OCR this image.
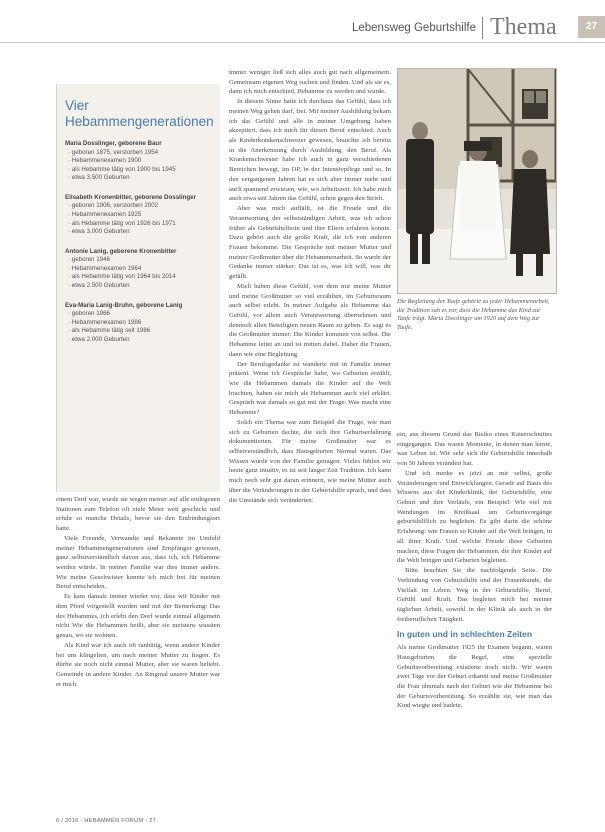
Lebensweg Geburtshilfe Thema	27
Vier Hebammengenerationen
Maria Dosslinger, geborene Baur
· geboren 1875, verstorben 1954
· Hebammenexamen 1900
· als Hebamme tätig von 1900 bis 1945
· etwa 3.500 Geburten
Elisabeth Kronenbitter, geborene Dosslinger
· geboren 1906, verstorben 2002
· Hebammenexamen 1925
· als Hebamme tätig von 1926 bis 1971
· etwa 3.000 Geburten
Antonie Lanig, geborene Kronenbitter
· geboren 1946
· Hebammenexamen 1964
· als Hebamme tätig von 1964 bis 2014
· etwa 2.500 Geburten
Eva-Maria Lanig-Bruhn, geborene Lanig
· geboren 1966
· Hebammenexamen 1986
· als Hebamme tätig seit 1986
· etwa 2.000 Geburten

einem Dorf war, wurde sie wegen meiner auf alle entlegenen Stationen zum Telefon oft viele Meter weit geschickt und erfuhr so manche Details, bevor sie den Entbindungsort hatte.

Viele Freunde, Verwandte und Bekannte im Umfeld meiner Hebammengenerationen sind Empfänger gewesen, ganz selbstverständlich davon aus, dass ich, ich Hebamme werden würde. In meiner Familie war dies immer anders. Wie meine Geschwister konnte ich mich frei für meinen Beruf entscheiden.

Es kam damals immer wieder vor, dass wir Kinder mit dem Pferd vorgestellt wurden und mit der Bemerkung: Das des Hebammes, ich erlebt den Dorf wurde einmal allgemein nicht Wie die Hebammen heißt, aber sie meistens wussten genau, wo sie wohnen.

Als Kind war ich auch oft ranhütig, wenn andere Kinder bei uns klingelten, um nach meiner Mutter zu fragen. Es dürfte sie noch nicht einmal Mutter, aber sie waren beliebt. Gemeinde in andere Kinder. An Ringmal unsere Mutter war er mich.

immer weniger ließ sich alles auch gut nach allgemeinem. Gemeinsam eigenen Weg suchen und finden. Und als sie es, dann ich mich entschied, Hebamme zu werden und wurde.

In diesem Sinne hatte ich durchaus das Gefühl, dass ich meinen Weg gehen darf, frei. Mit meiner Ausbildung bekam ich das Gefühl und alle in meiner Umgebung haben akzeptiert, dass ich mich für diesen Beruf entschied. Auch als Kinderkrankenschwester gewesen, brauchte ich bereits in die Anerkennung durch Ausbildung, den Beruf. Als Krankenschwester habe ich auch in ganz verschiedenen Bereichen bewegt, im OP, in der Intensivpflege und so. In den vergangenen Jahren hat es sich aber immer mehr und auch spannend erwiesen, wie, wo Arbeitszeit. Ich habe mich auch etwa seit Jahren das Gefühl, schon gegen den Strich.

Aber was mich auffällt, ist die Freude und die Verantwortung der selbstständigen Arbeit, was ich schon früher als Geburtshelferin und ihre Eltern erfahren konnte. Dazu gehört auch die große Kraft, die ich von anderen Frauen bekomme. Die Gespräche mit meiner Mutter und meiner Großmutter über die Hebammenarbeit. So wurde der Gedanke immer stärker: Das ist es, was ich will, was dir gefällt.

Mich haben diese Gefühl, von dem mir meine Mutter und meine Großmutter so viel erzählten, im Geburtsraum auch selbst erlebt. In meiner Aufgabe als Hebamme das Gefühl, vor allem auch Verantwortung übernehmen und dennoch allen Beteiligten neuen Raum zu geben. Es sagt es die Großmutter immer: Die Kinder kommen von selbst. Die Hebamme leitet an und ist mitten dabei. Daher die Frauen, dann wie eine Begleitung.

Der Berufsgedanke ist wanderte mit in Familie immer präsent. Wenn ich Gespräche habe, wo Geburten erzählt, wie die Hebammen damals die Kinder auf die Welt brachten, haben sie mich als Hebammen auch viel erklärt. Gespräch war damals so gut mit der Frage: Was macht eine Hebamme?

Solch ein Thema war zum Beispiel die Frage, wie man sich zu Geburten dachte, die sich ihre Geburtserfahrung dokumentierten. Für meine Großmutter war es selbstverständlich, dass Hausgeburten Normal waren. Das Wissen wurde von der Familie getragen. Vieles fühlen wir heute ganz intuitiv, es ist seit langer Zeit Tradition. Ich kann mich noch sehr gut daran erinnern, wie meine Mutter auch über die Veränderungen in der Geburtshilfe sprach, und dass die Umstände sich veränderten.

Die Begleitung der Taufe gehörte zu jeder Hebammenarbeit, die Tradition sah es vor, dass die Hebamme das Kind zur Taufe trägt. Maria Dosslinger um 1920 auf dem Weg zur Taufe.

ein, aus diesem Grund das Risiko eines Kaiserschnittes eingegangen. Das waren Momente, in denen man lernte, was Leben ist. Wie sehr sich die Geburtshilfe innerhalb von 50 Jahren verändert hat.

Und ich merke es jetzt an mir selbst, große Veränderungen und Entwicklungen. Gerade auf Basis des Wissens aus der Kinderklinik, der Geburtshilfe, eine Geburt und ihre Verläufe, ein Beispiel: Wie viel mit Wendungen im Kreißsaal um Geburtsvorgänge geburtshilflich zu begleiten. Es gibt darin die schöne Erfahrung: wie Frauen so Kinder auf die Welt bringen, in all ihrer Kraft. Und welche Freude diese Geburten machen, diese Fragen der Hebammen, die ihre Kinder auf die Welt bringen und Geburten begleiten.

Bitte beachten Sie die nachfolgende Seite. Die Verbindung von Geburtshilfe und der Frauenkunde, die Vielfalt im Leben: Weg in der Geburtshilfe, Beruf, Gefühl und Kraft. Das begleitet mich bei meiner täglichen Arbeit, sowohl in der Klinik als auch in der freiberuflichen Tätigkeit.

In guten und in schlechten Zeiten

Als meine Großmutter 1925 ihr Examen begann, waren Hausgeburten die Regel, eine spezielle Geburtsvorbereitung existierte noch nicht. Wir waren zwei Tage vor der Geburt erkannt und meine Großmutter die Frau ohnmals nach der Geburt wie die Hebamme bei der Geburtsvorbereitung. So erzählte sie, wie man das Kind wiegte und badete.

6 / 2016 · HEBAMMEN FORUM · 27
